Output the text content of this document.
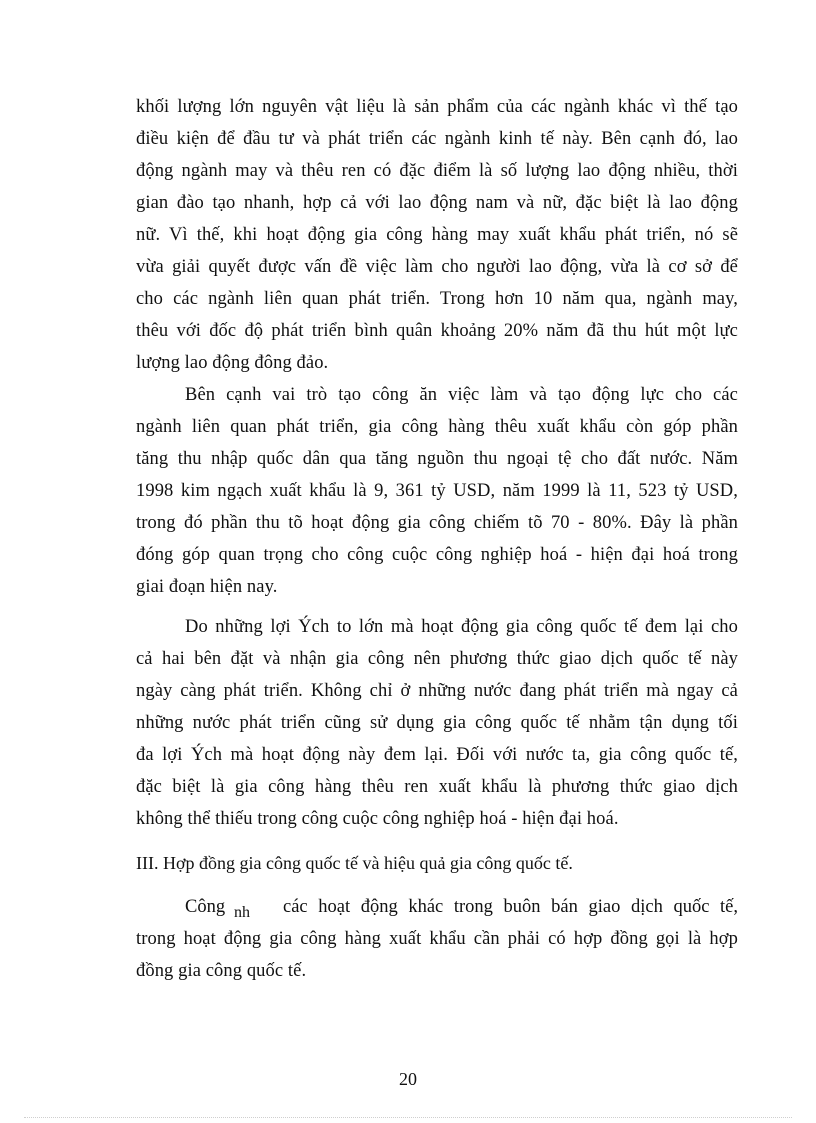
khối lượng lớn nguyên vật liệu là sản phẩm của các ngành khác vì thế tạo
điều kiện để đầu tư và phát triển các ngành kinh tế này. Bên cạnh đó, lao
động ngành may và thêu ren có đặc điểm là số lượng lao động nhiều, thời
gian đào tạo nhanh, hợp cả với lao động nam và nữ, đặc biệt là lao động
nữ. Vì thế, khi hoạt động gia công hàng may xuất khẩu phát triển, nó sẽ
vừa giải quyết được vấn đề việc làm cho người lao động, vừa là cơ sở để
cho các ngành liên quan phát triển. Trong hơn 10 năm qua, ngành may,
thêu với đốc độ phát triển bình quân khoảng 20% năm đã thu hút một lực
lượng lao động đông đảo.
Bên cạnh vai trò tạo công ăn việc làm và tạo động lực cho các
ngành liên quan phát triển, gia công hàng thêu xuất khẩu còn góp phần
tăng thu nhập quốc dân qua tăng nguồn thu ngoại tệ cho đất nước. Năm
1998 kim ngạch xuất khẩu là 9, 361 tỷ USD, năm 1999 là 11, 523 tỷ USD,
trong đó phần thu tõ hoạt động gia công chiếm tõ 70 - 80%. Đây là phần
đóng góp quan trọng cho công cuộc công nghiệp hoá - hiện đại hoá trong
giai đoạn hiện nay.
Do những lợi Ých to lớn mà hoạt động gia công quốc tế đem lại cho
cả hai bên đặt và nhận gia công nên phương thức giao dịch quốc tế này
ngày càng phát triển. Không chỉ ở những nước đang phát triển mà ngay cả
những nước phát triển cũng sử dụng gia công quốc tế nhằm tận dụng tối
đa lợi Ých mà hoạt động này đem lại. Đối với nước ta, gia công quốc tế,
đặc biệt là gia công hàng thêu ren xuất khẩu là phương thức giao dịch
không thể thiếu trong công cuộc công nghiệp hoá - hiện đại hoá.
III. Hợp đồng gia công quốc tế và hiệu quả gia công quốc tế.
Công nh các hoạt động khác trong buôn bán giao dịch quốc tế,
trong hoạt động gia công hàng xuất khẩu cần phải có hợp đồng gọi là hợp
đồng gia công quốc tế.
20
